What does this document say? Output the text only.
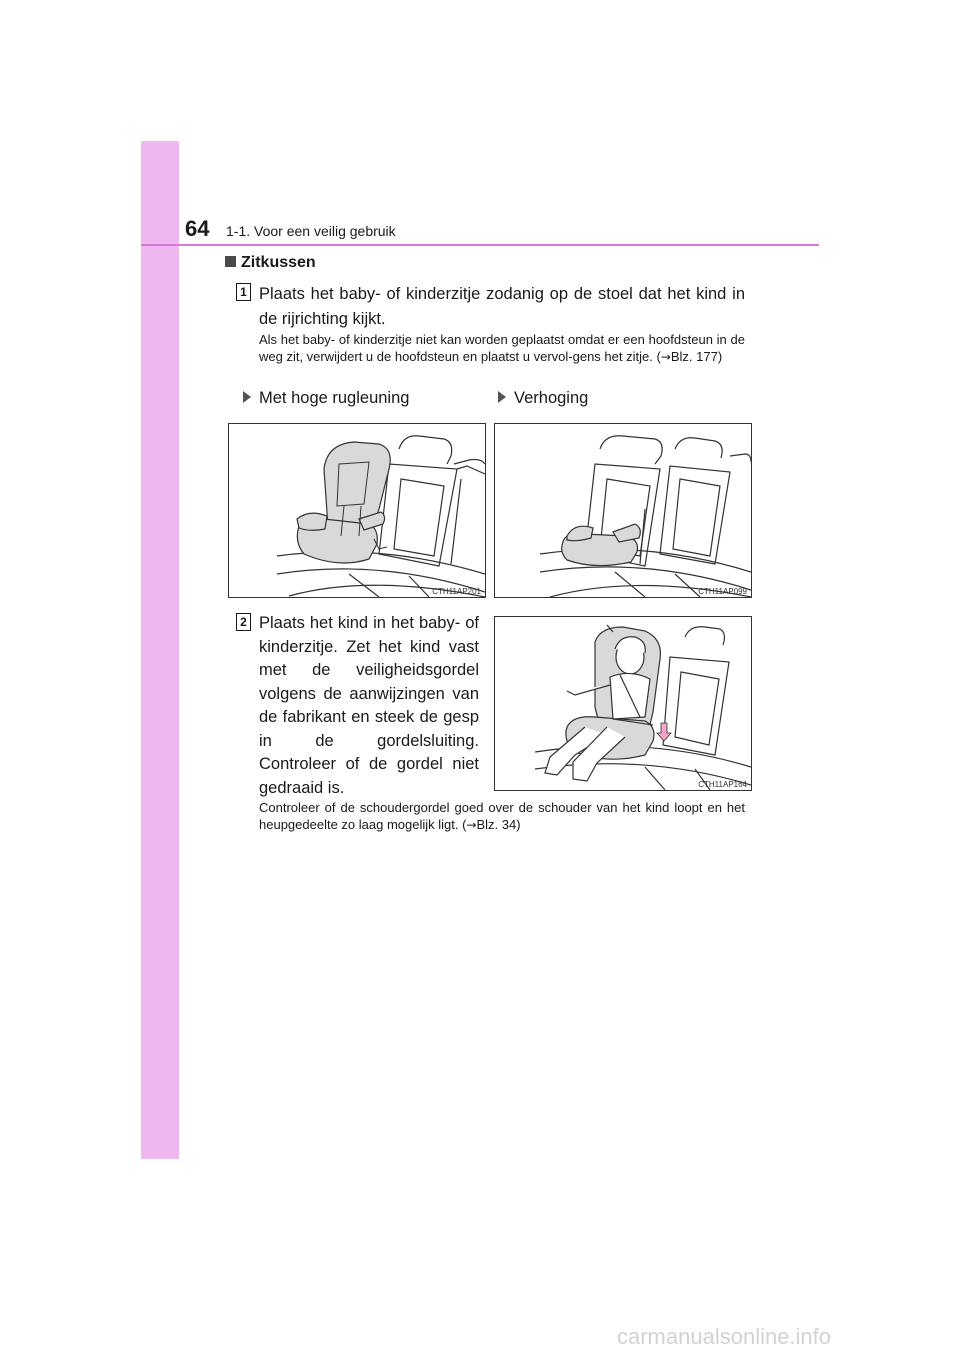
64 1-1. Voor een veilig gebruik
Zitkussen
1 Plaats het baby- of kinderzitje zodanig op de stoel dat het kind in de rijrichting kijkt.

Als het baby- of kinderzitje niet kan worden geplaatst omdat er een hoofdsteun in de weg zit, verwijdert u de hoofdsteun en plaatst u vervol-gens het zitje. (→Blz. 177)

Met hoge rugleuning	Verhoging
CTH11AP201	CTH11AP099
2 Plaats het kind in het baby- of kinderzitje. Zet het kind vast met de veiligheidsgordel volgens de aanwijzingen van de fabrikant en steek de gesp in de gordelsluiting. Controleer of de gordel niet gedraaid is.	CTH11AP164

Controleer of de schoudergordel goed over de schouder van het kind loopt en het heupgedeelte zo laag mogelijk ligt. (→Blz. 34)

carmanualsonline.info
